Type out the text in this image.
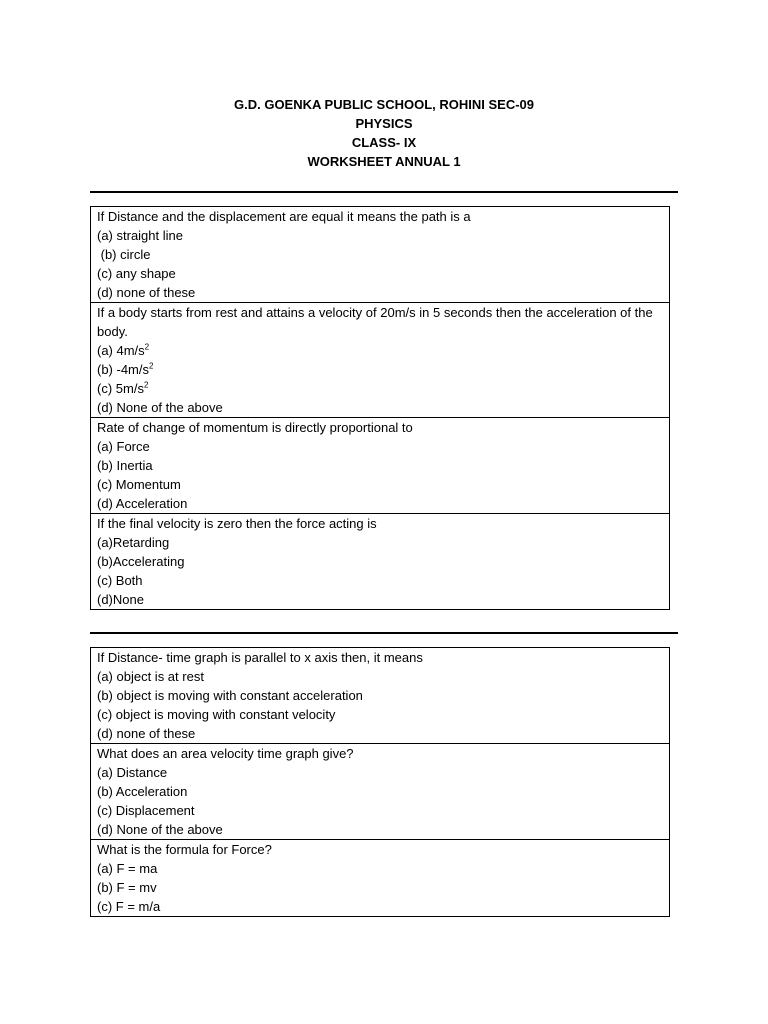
G.D. GOENKA PUBLIC SCHOOL, ROHINI SEC-09
PHYSICS
CLASS- IX
WORKSHEET ANNUAL 1
If Distance and the displacement are equal it means the path is a
(a) straight line
(b) circle
(c) any shape
(d) none of these

If a body starts from rest and attains a velocity of 20m/s in 5 seconds then the acceleration of the body.
(a) $4m/s^2$
(b) $-4m/s^2$
(c) $5m/s^2$
(d) None of the above

Rate of change of momentum is directly proportional to
(a) Force
(b) Inertia
(c) Momentum
(d) Acceleration

If the final velocity is zero then the force acting is
(a)Retarding
(b)Accelerating
(c) Both
(d)None
If Distance- time graph is parallel to x axis then, it means
(a) object is at rest
(b) object is moving with constant acceleration
(c) object is moving with constant velocity
(d) none of these

What does an area velocity time graph give?
(a) Distance
(b) Acceleration
(c) Displacement
(d) None of the above

What is the formula for Force?
(a) F = ma
(b) F = mv
(c) F = m/a
